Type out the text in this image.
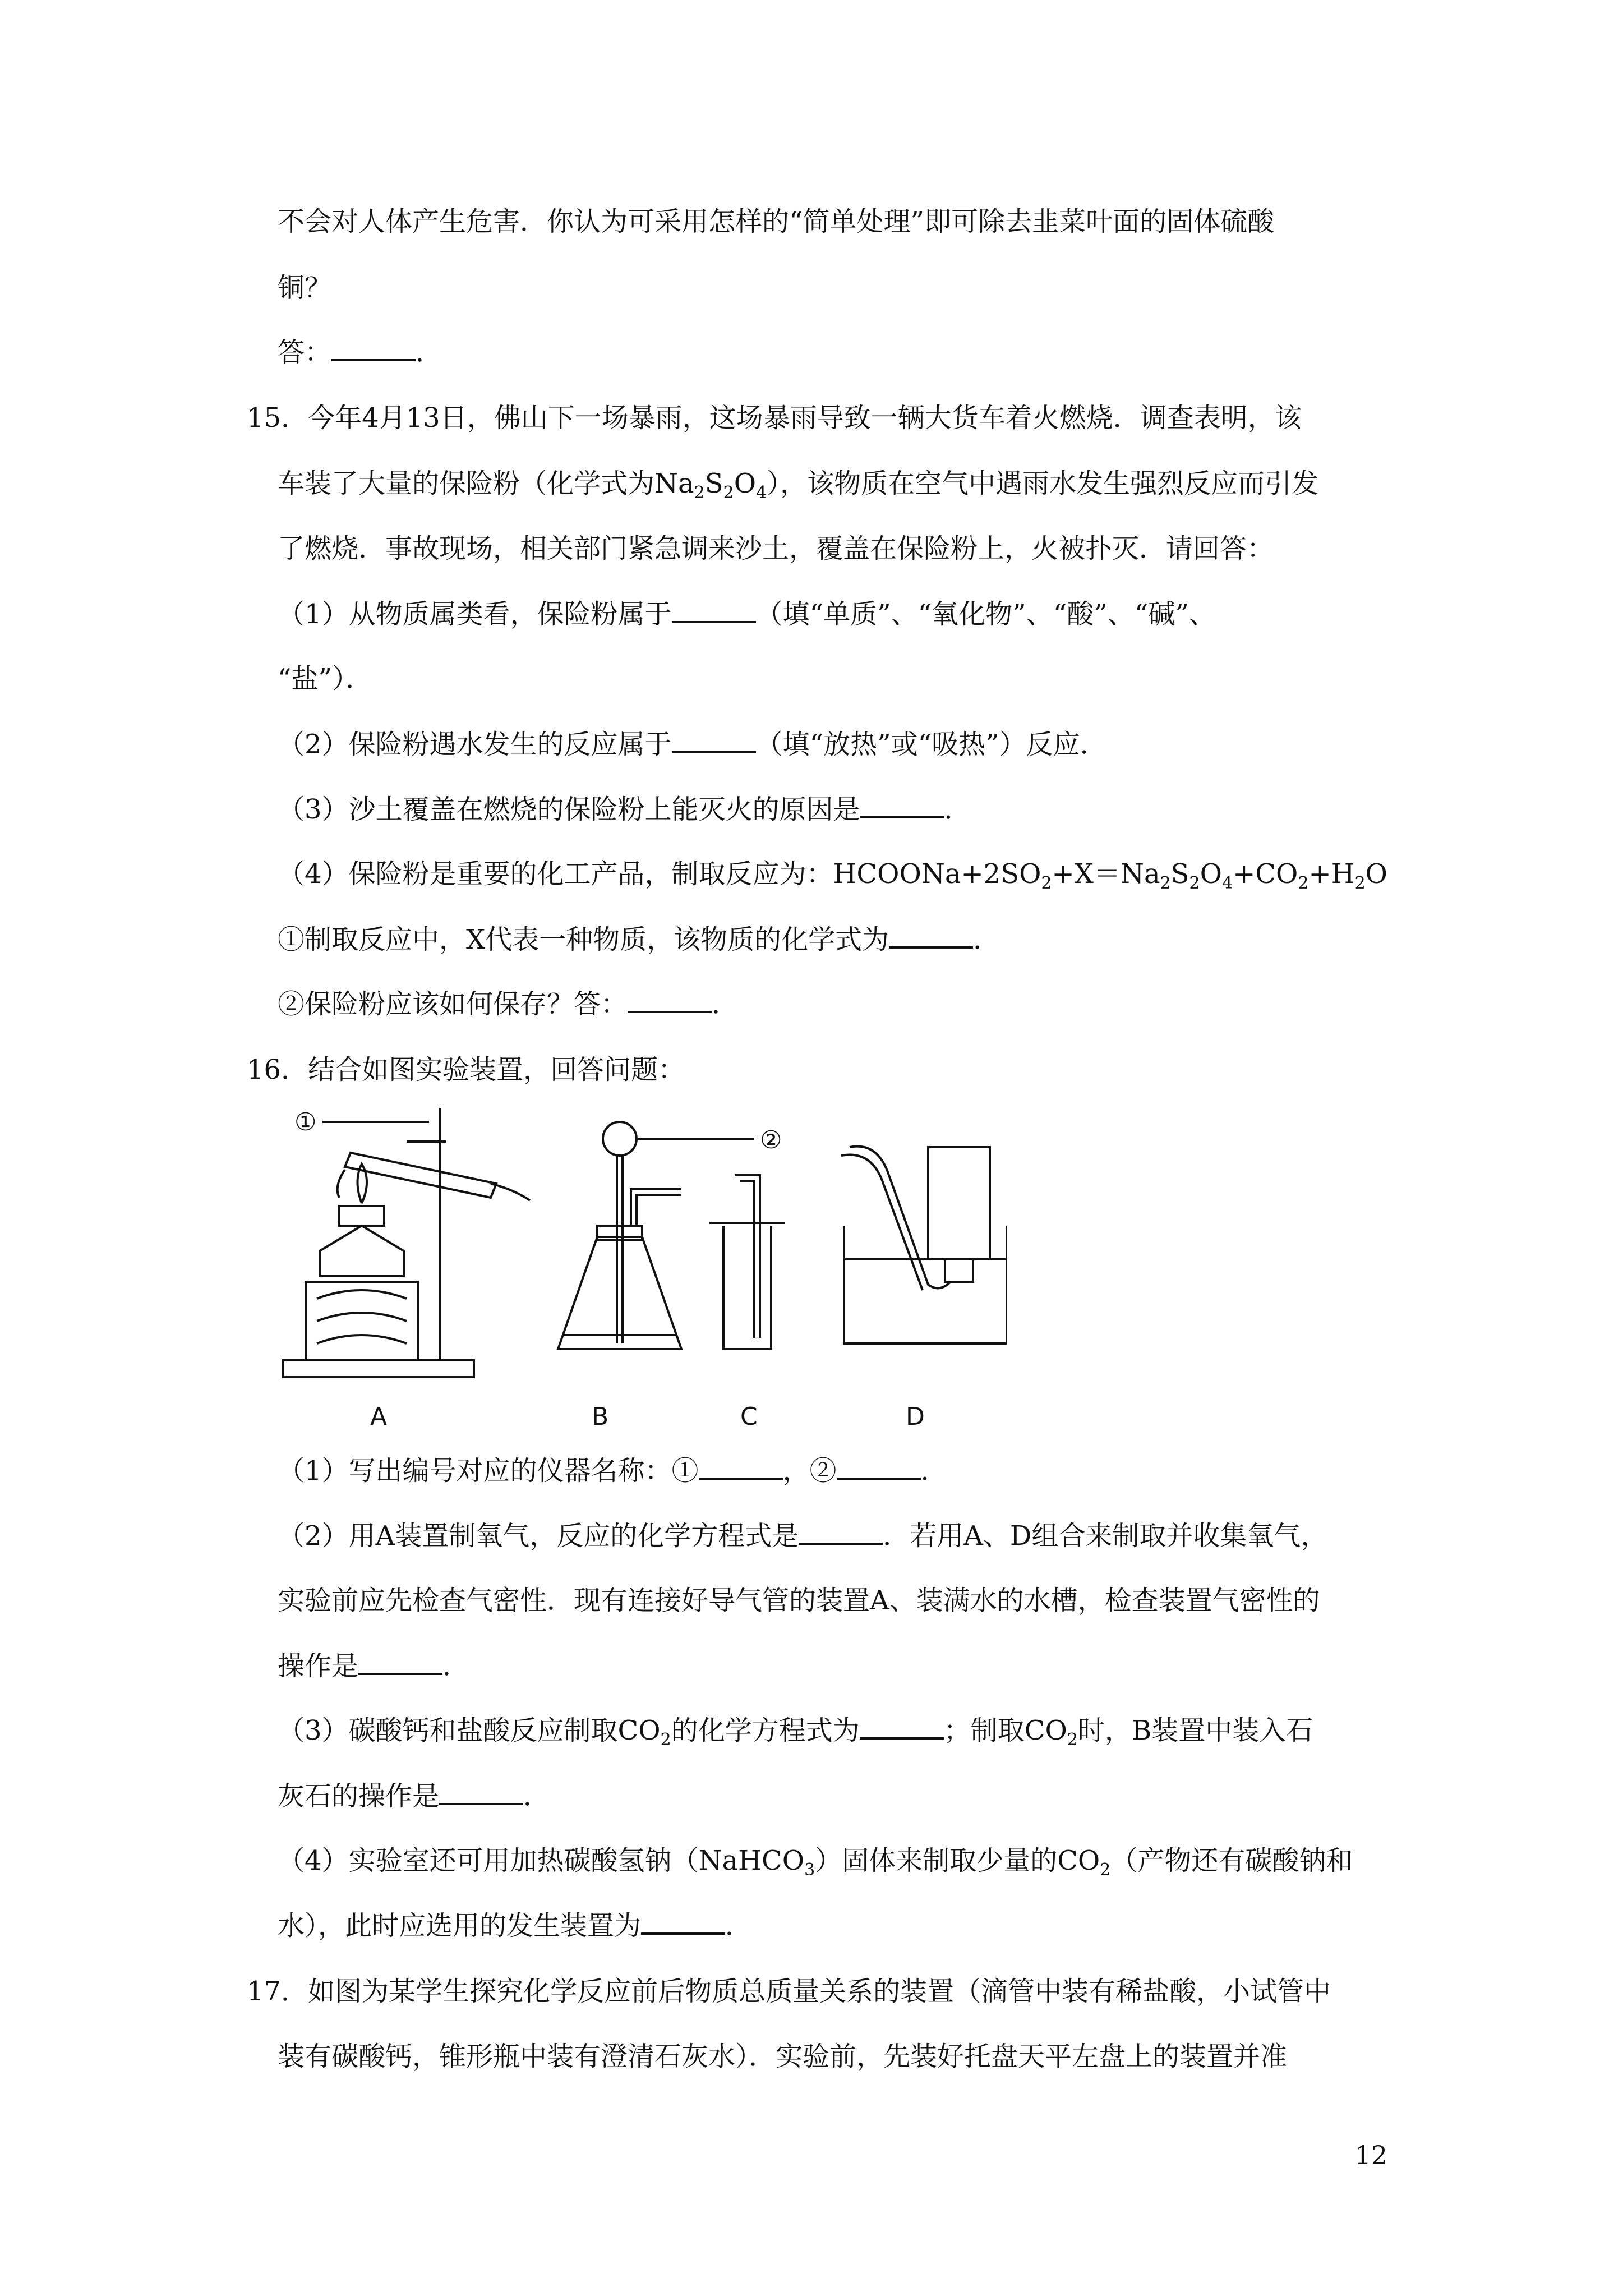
不会对人体产生危害．你认为可采用怎样的“简单处理”即可除去韭菜叶面的固体硫酸
铜？
答：	．
15．今年4月13日，佛山下一场暴雨，这场暴雨导致一辆大货车着火燃烧．调查表明，该
车装了大量的保险粉（化学式为$Na_2S_2O_4$），该物质在空气中遇雨水发生强烈反应而引发
了燃烧．事故现场，相关部门紧急调来沙土，覆盖在保险粉上，火被扑灭．请回答：
（1）从物质属类看，保险粉属于	（填“单质”、“氧化物”、“酸”、“碱”、
“盐”）．
（2）保险粉遇水发生的反应属于	（填“放热”或“吸热”）反应．
（3）沙土覆盖在燃烧的保险粉上能灭火的原因是	．
（4）保险粉是重要的化工产品，制取反应为：$HCOONa+2SO_2+X=Na_2S_2O_4+CO_2+H_2O$
①制取反应中，X代表一种物质，该物质的化学式为	．
②保险粉应该如何保存？答：	．
16．结合如图实验装置，回答问题：
①
②
A	B	C	D
（1）写出编号对应的仪器名称：①	，②	．
（2）用A装置制氧气，反应的化学方程式是	．若用A、D组合来制取并收集氧气，
实验前应先检查气密性．现有连接好导气管的装置A、装满水的水槽，检查装置气密性的
操作是	．
（3）碳酸钙和盐酸反应制取$CO_2$的化学方程式为	；制取$CO_2$时，B装置中装入石
灰石的操作是	．
（4）实验室还可用加热碳酸氢钠（NaHCO$_3$）固体来制取少量的$CO_2$（产物还有碳酸钠和
水），此时应选用的发生装置为	．
17．如图为某学生探究化学反应前后物质总质量关系的装置（滴管中装有稀盐酸，小试管中
装有碳酸钙，锥形瓶中装有澄清石灰水）．实验前，先装好托盘天平左盘上的装置并准
12
